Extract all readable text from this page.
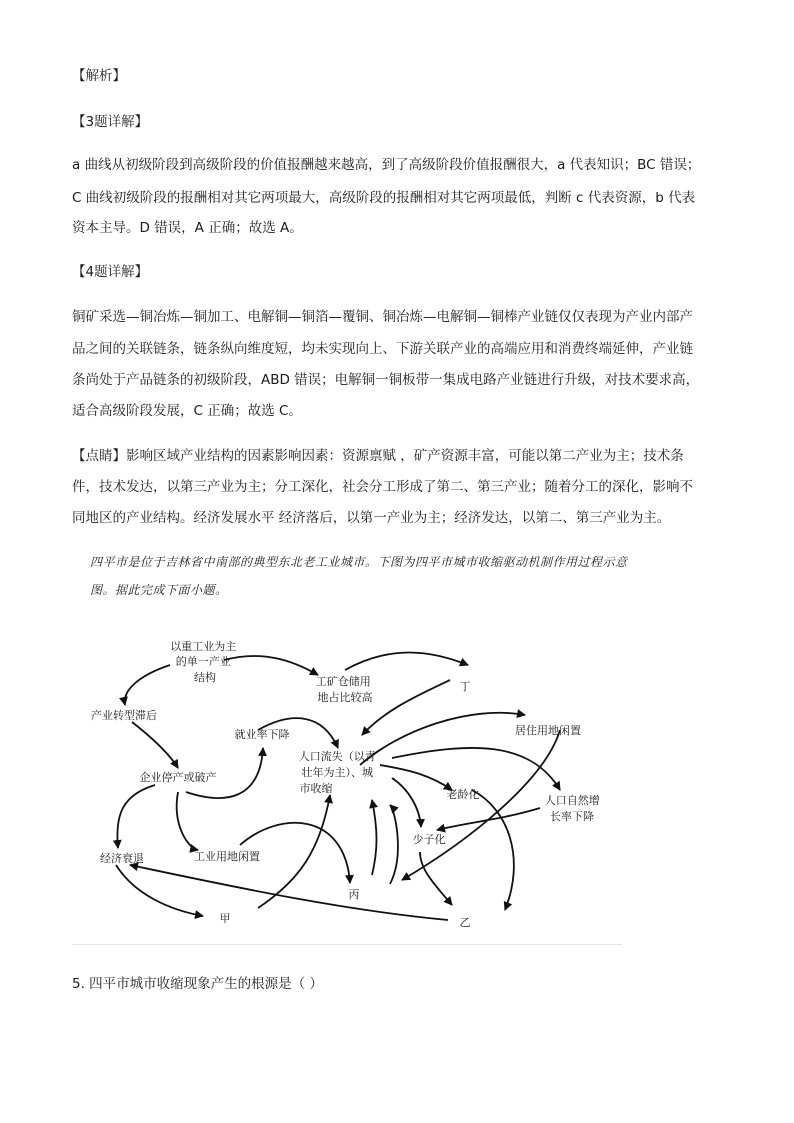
【解析】

【3题详解】

a 曲线从初级阶段到高级阶段的价值报酬越来越高，到了高级阶段价值报酬很大，a 代表知识；BC 错误；

C 曲线初级阶段的报酬相对其它两项最大，高级阶段的报酬相对其它两项最低，判断 c 代表资源，b 代表

资本主导。D 错误，A 正确；故选 A。

【4题详解】

铜矿采选—铜冶炼—铜加工、电解铜—铜箔—覆铜、铜冶炼—电解铜—铜棒产业链仅仅表现为产业内部产

品之间的关联链条，链条纵向维度短，均未实现向上、下游关联产业的高端应用和消费终端延伸，产业链

条尚处于产品链条的初级阶段，ABD 错误；电解铜一铜板带一集成电路产业链进行升级，对技术要求高，

适合高级阶段发展，C 正确；故选 C。

【点睛】影响区域产业结构的因素影响因素：资源禀赋 ，矿产资源丰富，可能以第二产业为主；技术条

件，技术发达，以第三产业为主；分工深化，社会分工形成了第二、第三产业；随着分工的深化，影响不

同地区的产业结构。经济发展水平 经济落后，以第一产业为主；经济发达，以第二、第三产业为主。

四平市是位于吉林省中南部的典型东北老工业城市。下图为四平市城市收缩驱动机制作用过程示意

图。据此完成下面小题。

以重工业为主 的单一产业 结构	工矿仓储用 地占比较高
丁
产业转型滞后
就业率下降	居住用地闲置
人口流失（以青 壮年为主）、城 市收缩
企业停产或破产
老龄化	人口自然增 长率下降
少子化
经济衰退	工业用地闲置
丙
甲	乙

5. 四平市城市收缩现象产生的根源是（ ）
